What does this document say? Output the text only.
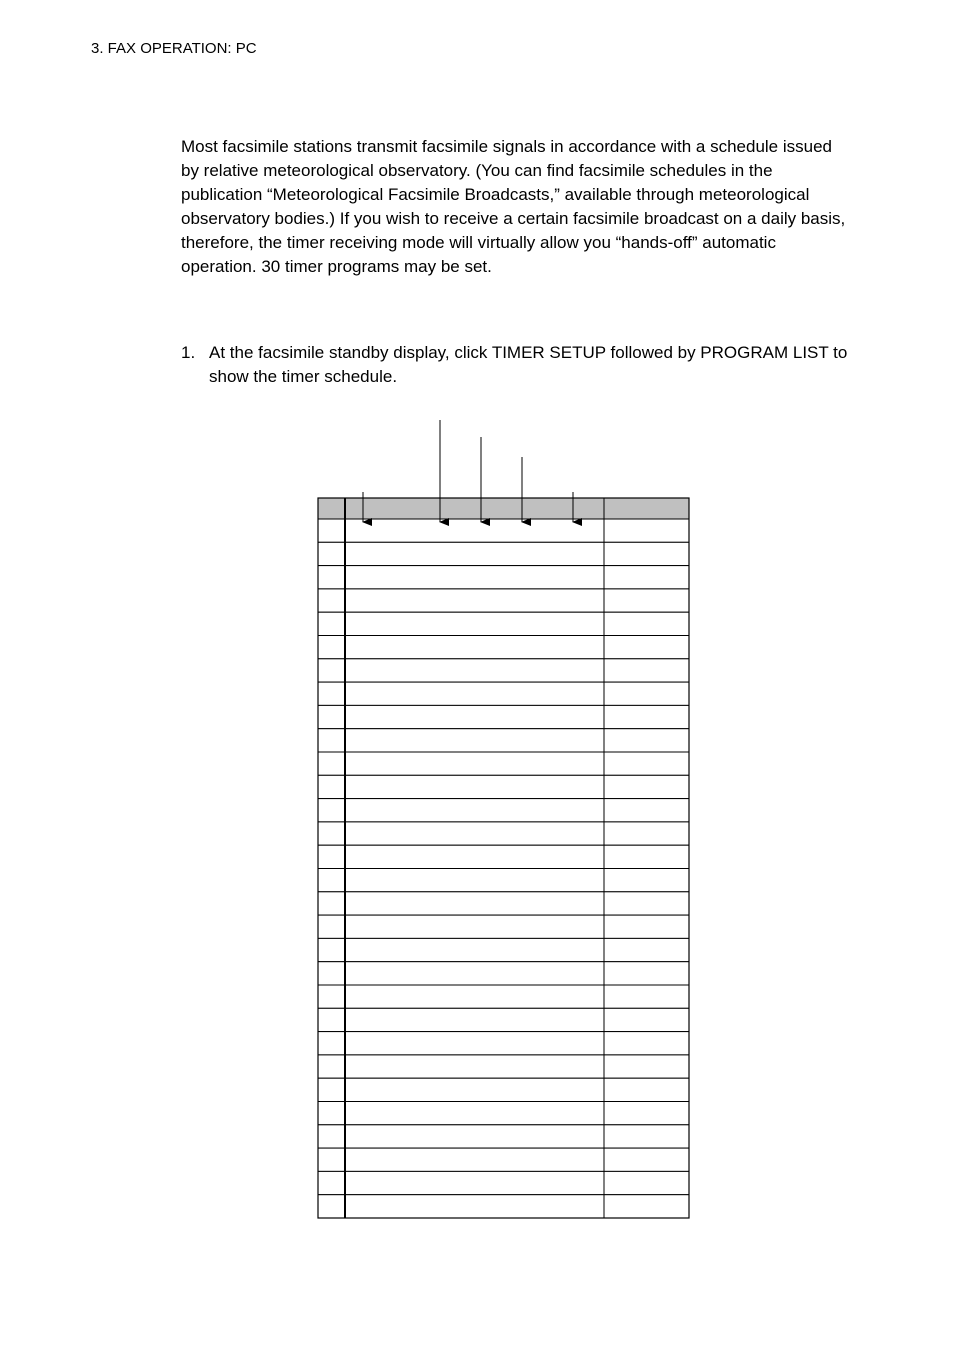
3. FAX OPERATION: PC

Most facsimile stations transmit facsimile signals in accordance with a schedule issued by relative meteorological observatory. (You can find facsimile schedules in the publication “Meteorological Facsimile Broadcasts,” available through meteorological observatory bodies.) If you wish to receive a certain facsimile broadcast on a daily basis, therefore, the timer receiving mode will virtually allow you “hands-off” automatic operation. 30 timer programs may be set.

1. At the facsimile standby display, click TIMER SETUP followed by PROGRAM LIST to show the timer schedule.
